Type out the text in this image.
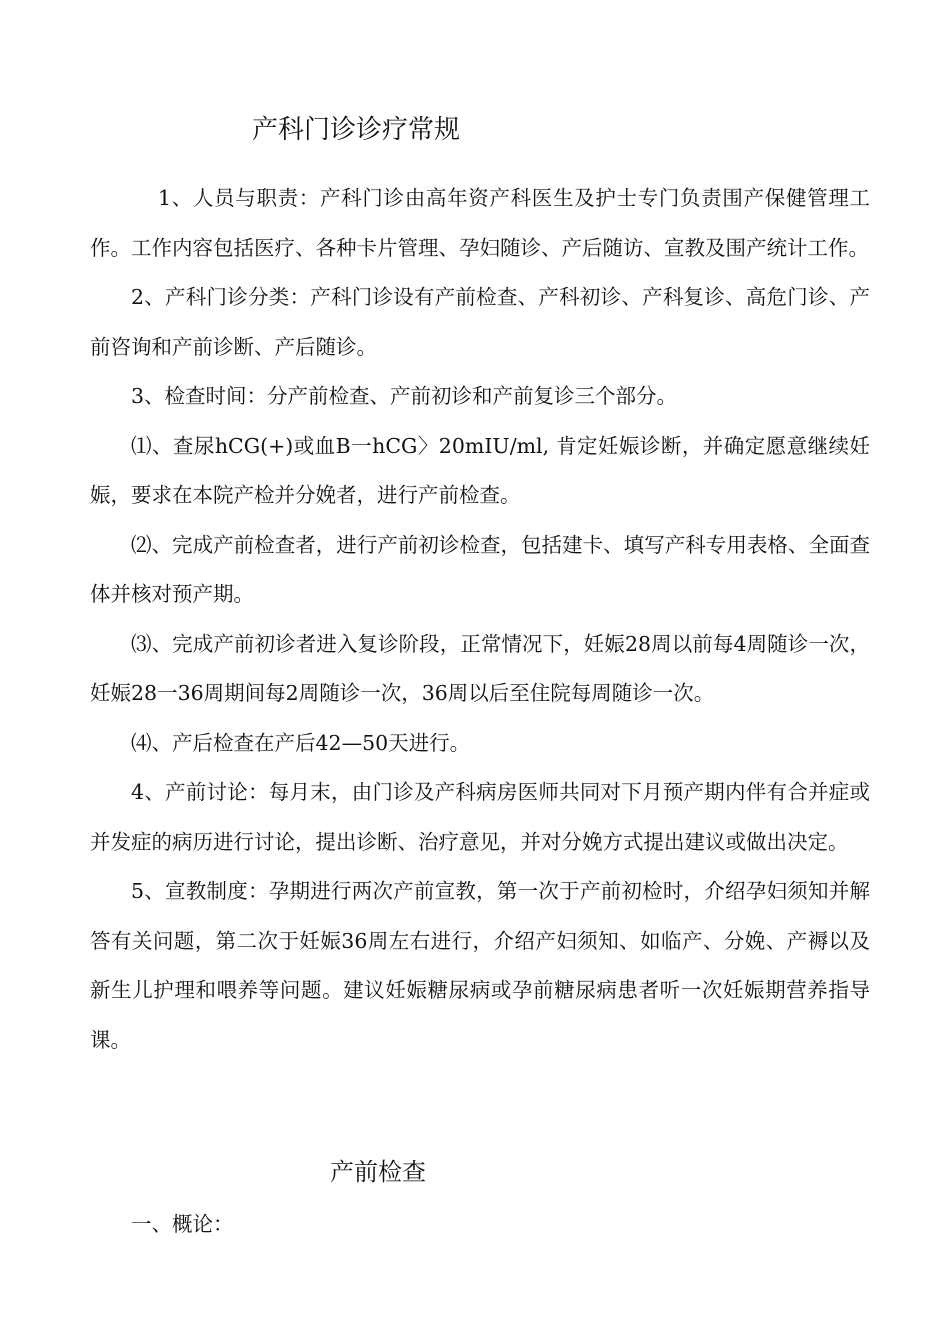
产科门诊诊疗常规

1、人员与职责：产科门诊由高年资产科医生及护士专门负责围产保健管理工作。工作内容包括医疗、各种卡片管理、孕妇随诊、产后随访、宣教及围产统计工作。

2、产科门诊分类：产科门诊设有产前检查、产科初诊、产科复诊、高危门诊、产前咨询和产前诊断、产后随诊。

3、检查时间：分产前检查、产前初诊和产前复诊三个部分。

⑴、查尿hCG(+)或血B一hCG〉20mIU/ml, 肯定妊娠诊断，并确定愿意继续妊娠，要求在本院产检并分娩者，进行产前检查。

⑵、完成产前检查者，进行产前初诊检查，包括建卡、填写产科专用表格、全面查体并核对预产期。

⑶、完成产前初诊者进入复诊阶段，正常情况下，妊娠28周以前每4周随诊一次，妊娠28一36周期间每2周随诊一次，36周以后至住院每周随诊一次。

⑷、产后检查在产后42—50天进行。

4、产前讨论：每月末，由门诊及产科病房医师共同对下月预产期内伴有合并症或并发症的病历进行讨论，提出诊断、治疗意见，并对分娩方式提出建议或做出决定。

5、宣教制度：孕期进行两次产前宣教，第一次于产前初检时，介绍孕妇须知并解答有关问题，第二次于妊娠36周左右进行，介绍产妇须知、如临产、分娩、产褥以及新生儿护理和喂养等问题。建议妊娠糖尿病或孕前糖尿病患者听一次妊娠期营养指导课。

产前检查

一、概论：
